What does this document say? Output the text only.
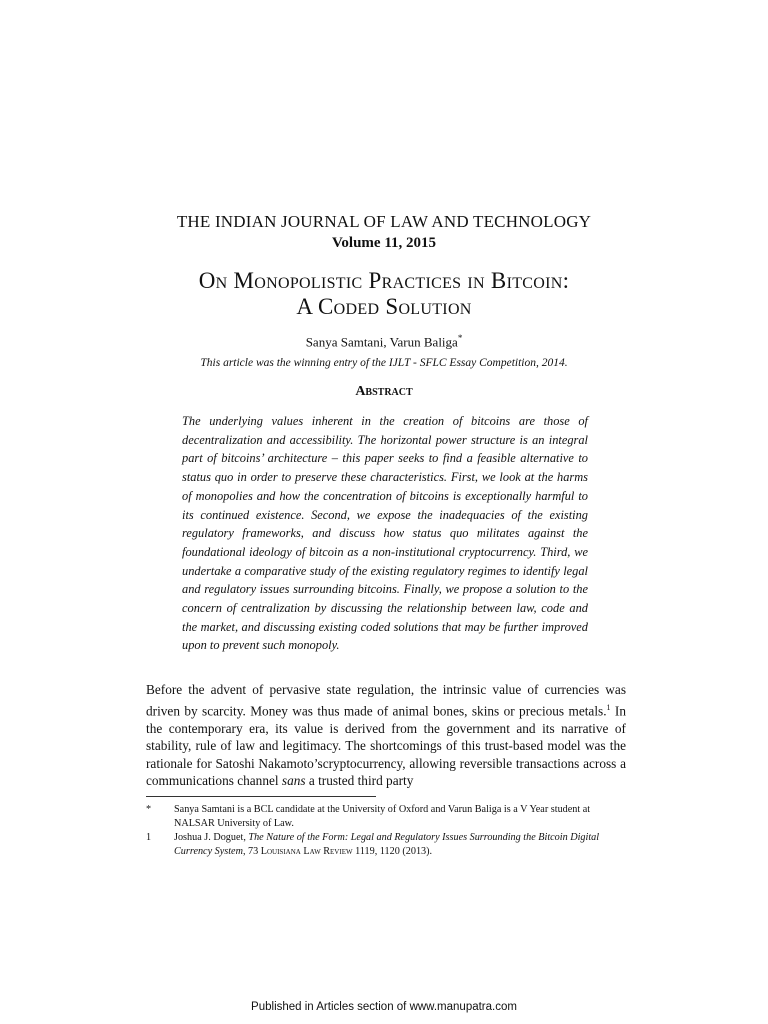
THE INDIAN JOURNAL OF LAW AND TECHNOLOGY
Volume 11, 2015
On Monopolistic Practices in Bitcoin:
A Coded Solution
Sanya Samtani, Varun Baliga*
This article was the winning entry of the IJLT - SFLC Essay Competition, 2014.
Abstract
The underlying values inherent in the creation of bitcoins are those of decentralization and accessibility. The horizontal power structure is an integral part of bitcoins’ architecture – this paper seeks to find a feasible alternative to status quo in order to preserve these characteristics. First, we look at the harms of monopolies and how the concentration of bitcoins is exceptionally harmful to its continued existence. Second, we expose the inadequacies of the existing regulatory frameworks, and discuss how status quo militates against the foundational ideology of bitcoin as a non-institutional cryptocurrency. Third, we undertake a comparative study of the existing regulatory regimes to identify legal and regulatory issues surrounding bitcoins. Finally, we propose a solution to the concern of centralization by discussing the relationship between law, code and the market, and discussing existing coded solutions that may be further improved upon to prevent such monopoly.
Before the advent of pervasive state regulation, the intrinsic value of currencies was driven by scarcity. Money was thus made of animal bones, skins or precious metals.$^1$ In the contemporary era, its value is derived from the government and its narrative of stability, rule of law and legitimacy. The shortcomings of this trust-based model was the rationale for Satoshi Nakamoto’scryptocurrency, allowing reversible transactions across a communications channel sans a trusted third party
*	Sanya Samtani is a BCL candidate at the University of Oxford and Varun Baliga is a V Year student at NALSAR University of Law.
1	Joshua J. Doguet, The Nature of the Form: Legal and Regulatory Issues Surrounding the Bitcoin Digital Currency System, 73 Louisiana Law Review 1119, 1120 (2013).
Published in Articles section of www.manupatra.com
